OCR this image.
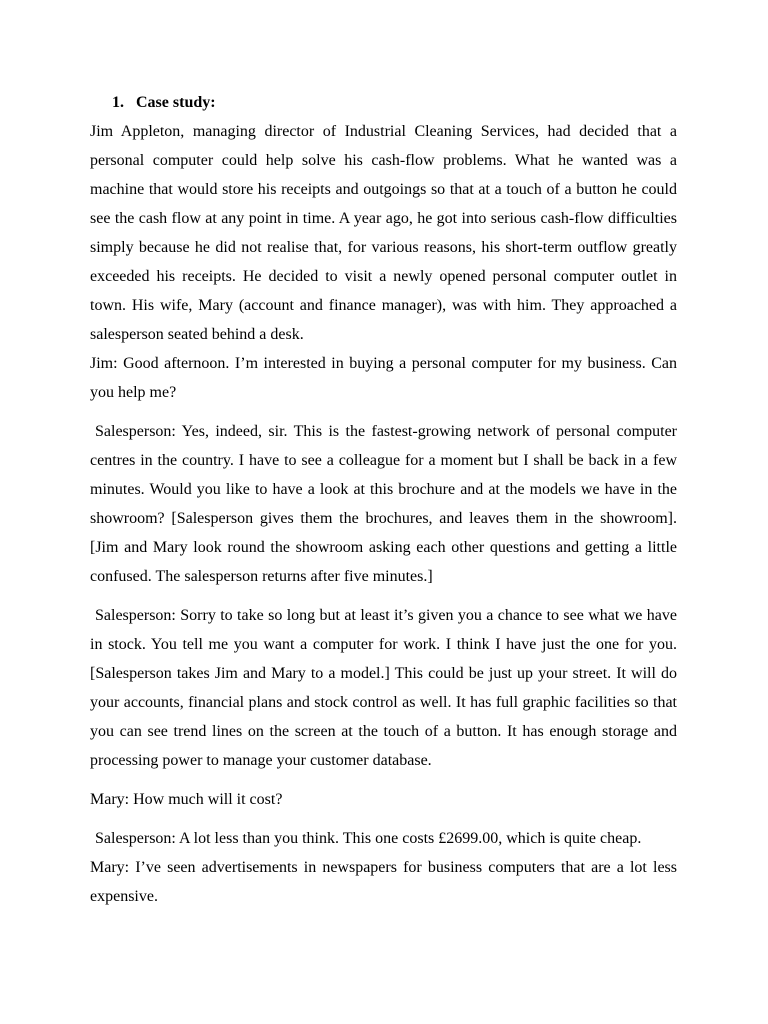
1. Case study:

Jim Appleton, managing director of Industrial Cleaning Services, had decided that a personal computer could help solve his cash-flow problems. What he wanted was a machine that would store his receipts and outgoings so that at a touch of a button he could see the cash flow at any point in time. A year ago, he got into serious cash-flow difficulties simply because he did not realise that, for various reasons, his short-term outflow greatly exceeded his receipts. He decided to visit a newly opened personal computer outlet in town. His wife, Mary (account and finance manager), was with him. They approached a salesperson seated behind a desk.

Jim: Good afternoon. I’m interested in buying a personal computer for my business. Can you help me?

Salesperson: Yes, indeed, sir. This is the fastest-growing network of personal computer centres in the country. I have to see a colleague for a moment but I shall be back in a few minutes. Would you like to have a look at this brochure and at the models we have in the showroom? [Salesperson gives them the brochures, and leaves them in the showroom]. [Jim and Mary look round the showroom asking each other questions and getting a little confused. The salesperson returns after five minutes.]

Salesperson: Sorry to take so long but at least it’s given you a chance to see what we have in stock. You tell me you want a computer for work. I think I have just the one for you. [Salesperson takes Jim and Mary to a model.] This could be just up your street. It will do your accounts, financial plans and stock control as well. It has full graphic facilities so that you can see trend lines on the screen at the touch of a button. It has enough storage and processing power to manage your customer database.

Mary: How much will it cost?

Salesperson: A lot less than you think. This one costs £2699.00, which is quite cheap.

Mary: I’ve seen advertisements in newspapers for business computers that are a lot less expensive.
